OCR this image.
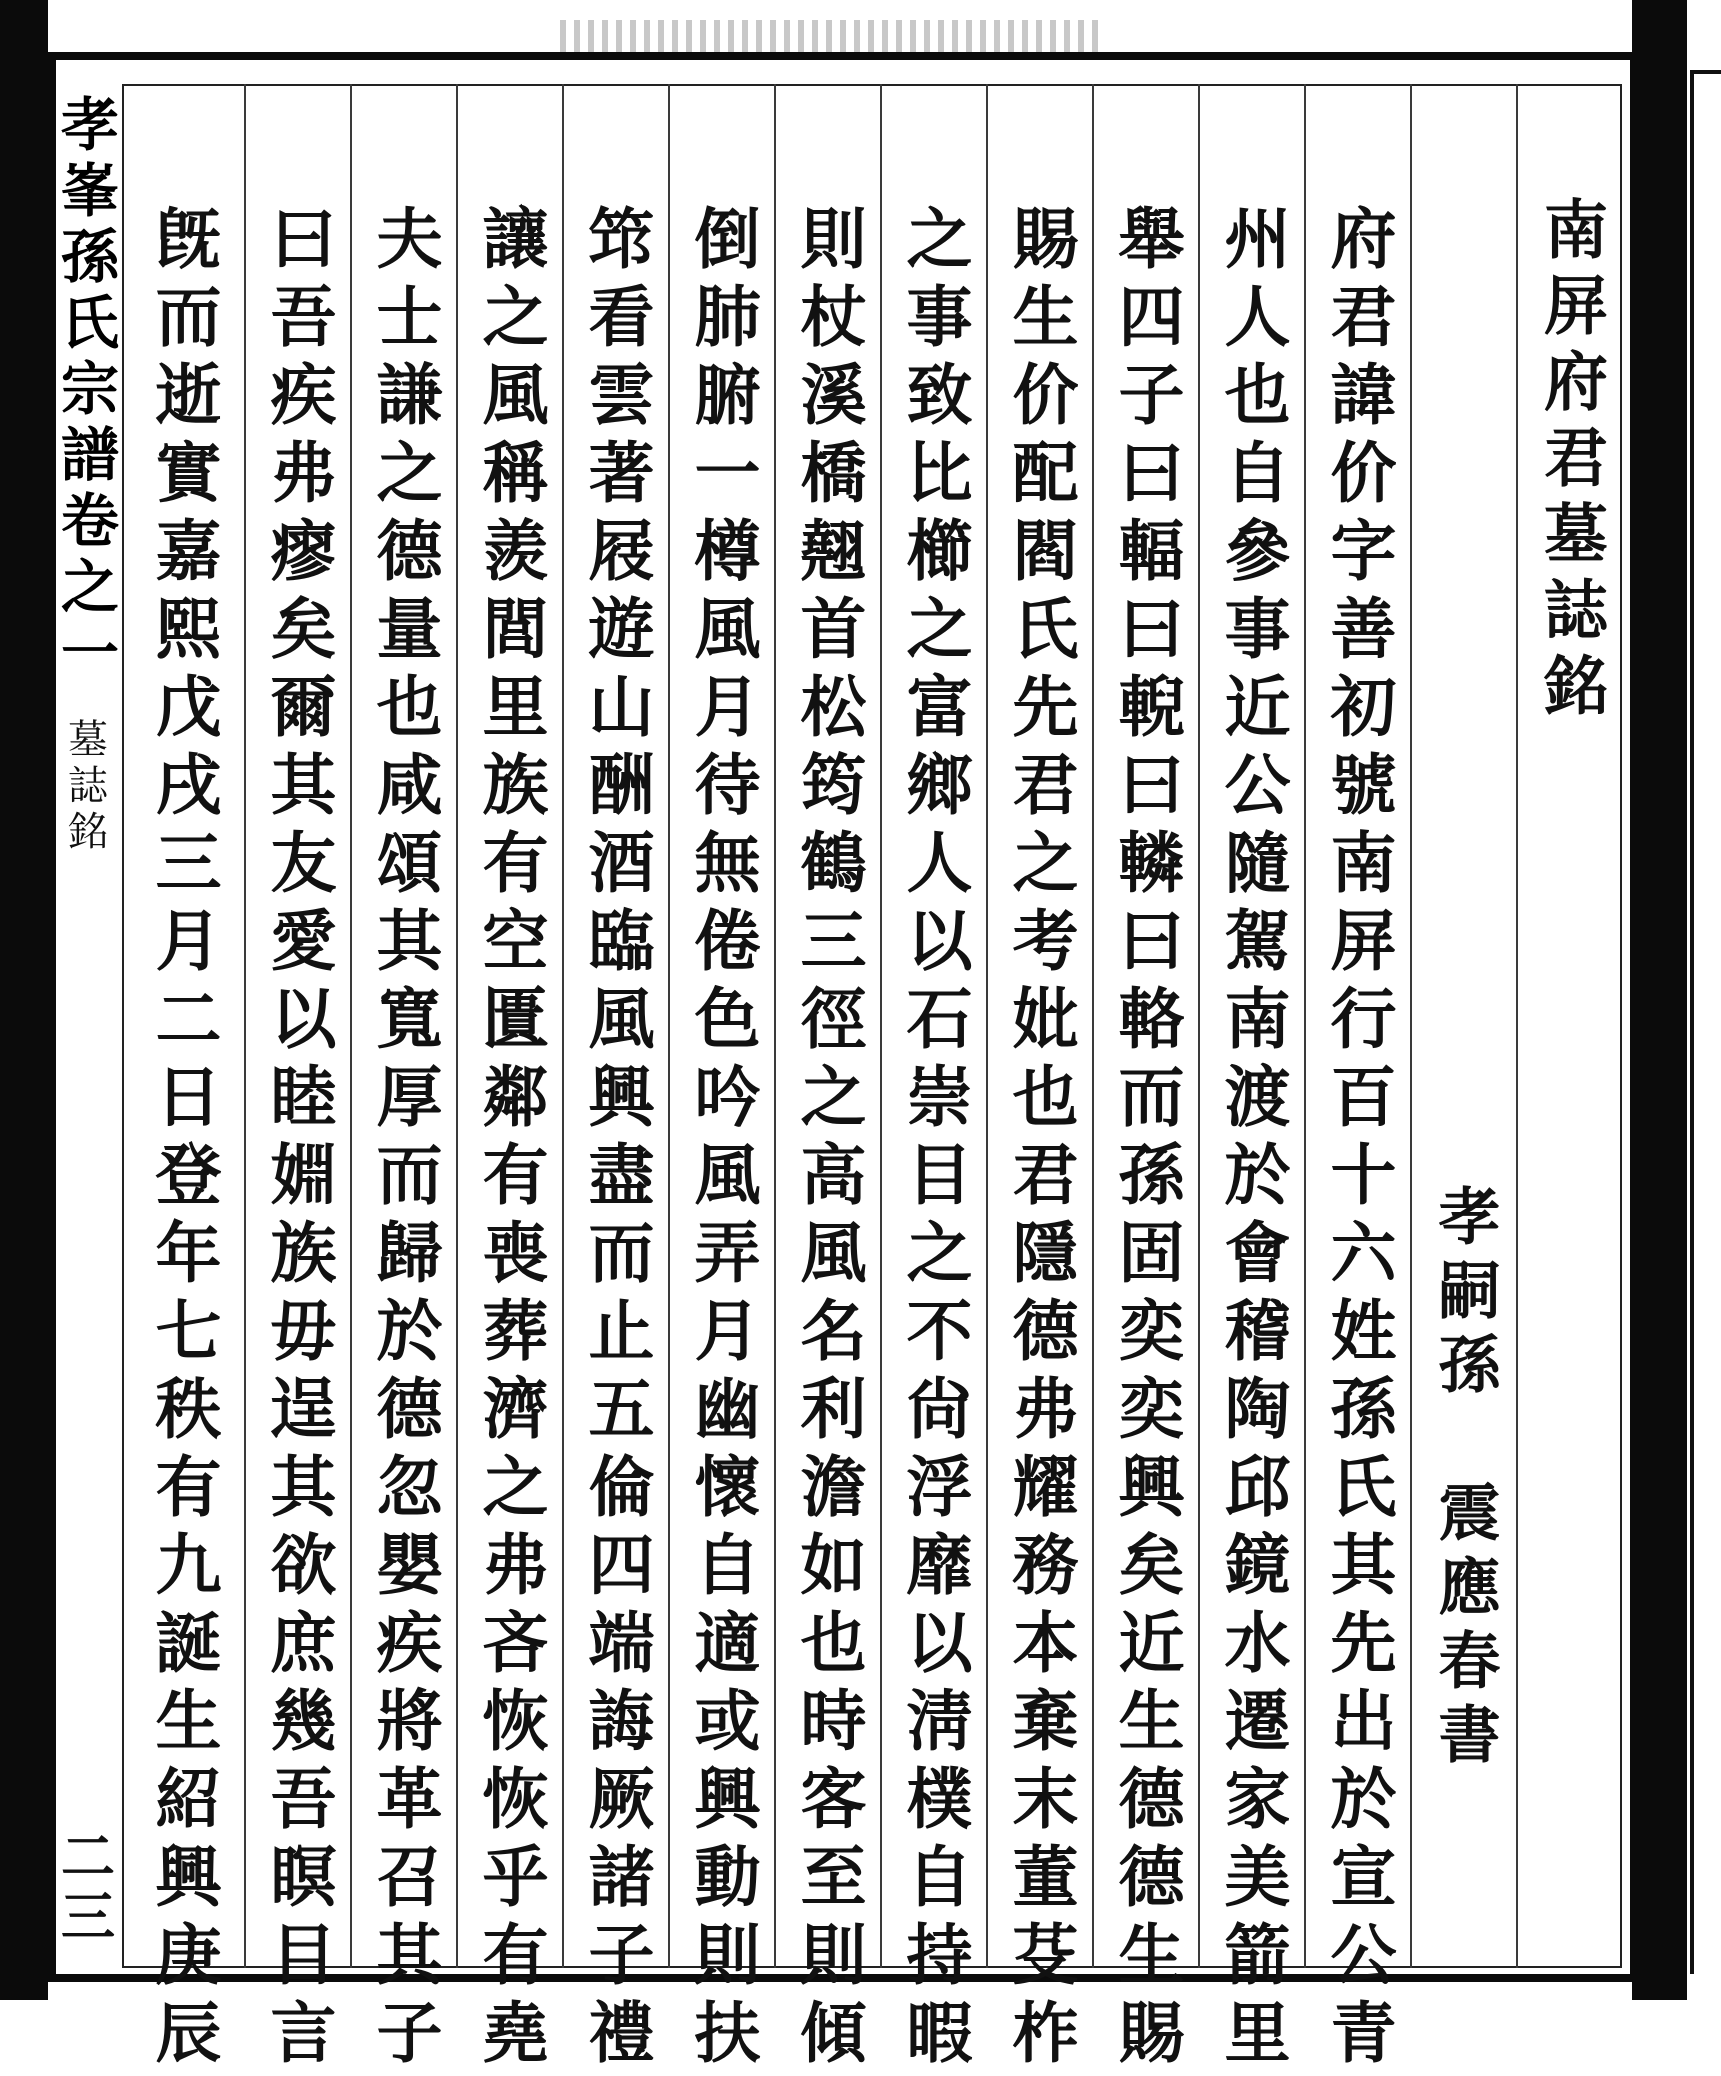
孝峯孫氏宗譜卷之一
墓誌銘
二三
南屏府君墓誌銘
孝嗣孫　震應春書
府君諱价字善初號南屏行百十六姓孫氏其先出於宣公青
州人也自參事近公隨駕南渡於會稽陶邱鏡水遷家美箭里
舉四子曰輻曰輗曰轔曰輅而孫固奕奕興矣近生德德生賜
賜生价配閻氏先君之考妣也君隱德弗耀務本棄末董芟柞
之事致比櫛之富鄉人以石崇目之不尙浮靡以淸樸自持暇
則杖溪橋翹首松筠鶴三徑之高風名利澹如也時客至則傾
倒肺腑一樽風月待無倦色吟風弄月幽懷自適或興動則扶
筇看雲著屐遊山酬酒臨風興盡而止五倫四端誨厥諸子禮
讓之風稱羨閭里族有空匱鄰有喪葬濟之弗吝恢恢乎有堯
夫士謙之德量也咸頌其寬厚而歸於德忽嬰疾將革召其子
曰吾疾弗瘳矣爾其友愛以睦婣族毋逞其欲庶幾吾瞑目言
旣而逝實嘉熙戊戌三月二日登年七秩有九誕生紹興庚辰
